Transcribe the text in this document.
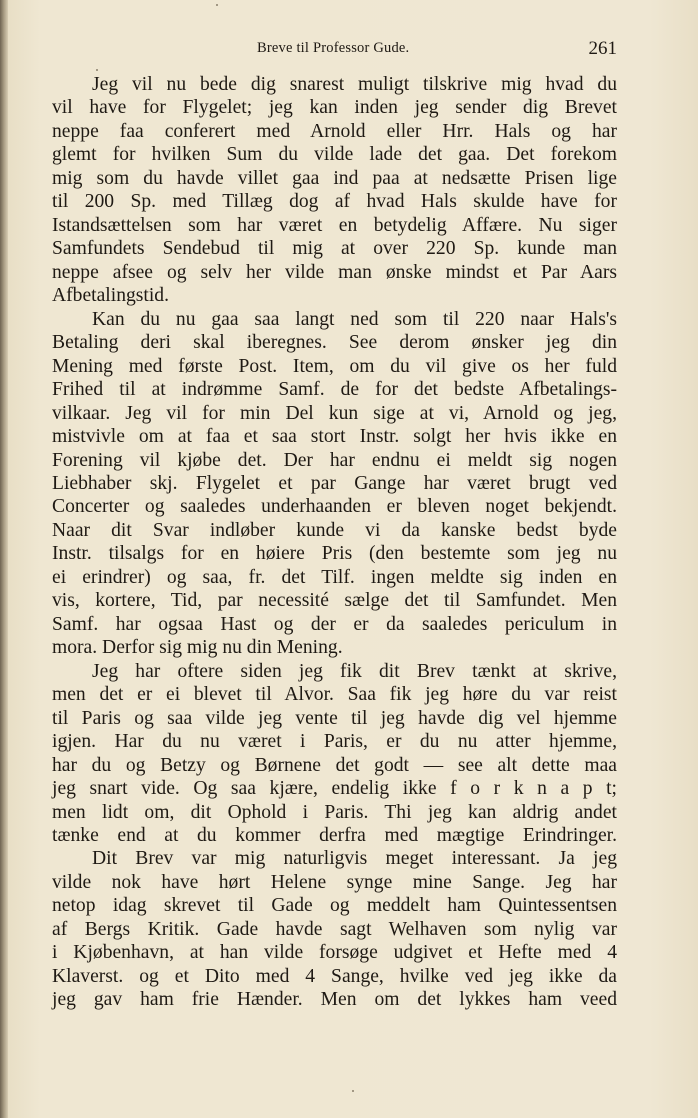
Breve til Professor Gude.	261
Jeg vil nu bede dig snarest muligt tilskrive mig hvad du
vil have for Flygelet; jeg kan inden jeg sender dig Brevet
neppe faa conferert med Arnold eller Hrr. Hals og har
glemt for hvilken Sum du vilde lade det gaa. Det forekom
mig som du havde villet gaa ind paa at nedsætte Prisen lige
til 200 Sp. med Tillæg dog af hvad Hals skulde have for
Istandsættelsen som har været en betydelig Affære. Nu siger
Samfundets Sendebud til mig at over 220 Sp. kunde man
neppe afsee og selv her vilde man ønske mindst et Par Aars
Afbetalingstid.
Kan du nu gaa saa langt ned som til 220 naar Hals's
Betaling deri skal iberegnes. See derom ønsker jeg din
Mening med første Post. Item, om du vil give os her fuld
Frihed til at indrømme Samf. de for det bedste Afbetalings-
vilkaar. Jeg vil for min Del kun sige at vi, Arnold og jeg,
mistvivle om at faa et saa stort Instr. solgt her hvis ikke en
Forening vil kjøbe det. Der har endnu ei meldt sig nogen
Liebhaber skj. Flygelet et par Gange har været brugt ved
Concerter og saaledes underhaanden er bleven noget bekjendt.
Naar dit Svar indløber kunde vi da kanske bedst byde
Instr. tilsalgs for en høiere Pris (den bestemte som jeg nu
ei erindrer) og saa, fr. det Tilf. ingen meldte sig inden en
vis, kortere, Tid, par necessité sælge det til Samfundet. Men
Samf. har ogsaa Hast og der er da saaledes periculum in
mora. Derfor sig mig nu din Mening.
Jeg har oftere siden jeg fik dit Brev tænkt at skrive,
men det er ei blevet til Alvor. Saa fik jeg høre du var reist
til Paris og saa vilde jeg vente til jeg havde dig vel hjemme
igjen. Har du nu været i Paris, er du nu atter hjemme,
har du og Betzy og Børnene det godt — see alt dette maa
jeg snart vide. Og saa kjære, endelig ikke f o r k n a p t;
men lidt om, dit Ophold i Paris. Thi jeg kan aldrig andet
tænke end at du kommer derfra med mægtige Erindringer.
Dit Brev var mig naturligvis meget interessant. Ja jeg
vilde nok have hørt Helene synge mine Sange. Jeg har
netop idag skrevet til Gade og meddelt ham Quintessentsen
af Bergs Kritik. Gade havde sagt Welhaven som nylig var
i Kjøbenhavn, at han vilde forsøge udgivet et Hefte med 4
Klaverst. og et Dito med 4 Sange, hvilke ved jeg ikke da
jeg gav ham frie Hænder. Men om det lykkes ham veed
